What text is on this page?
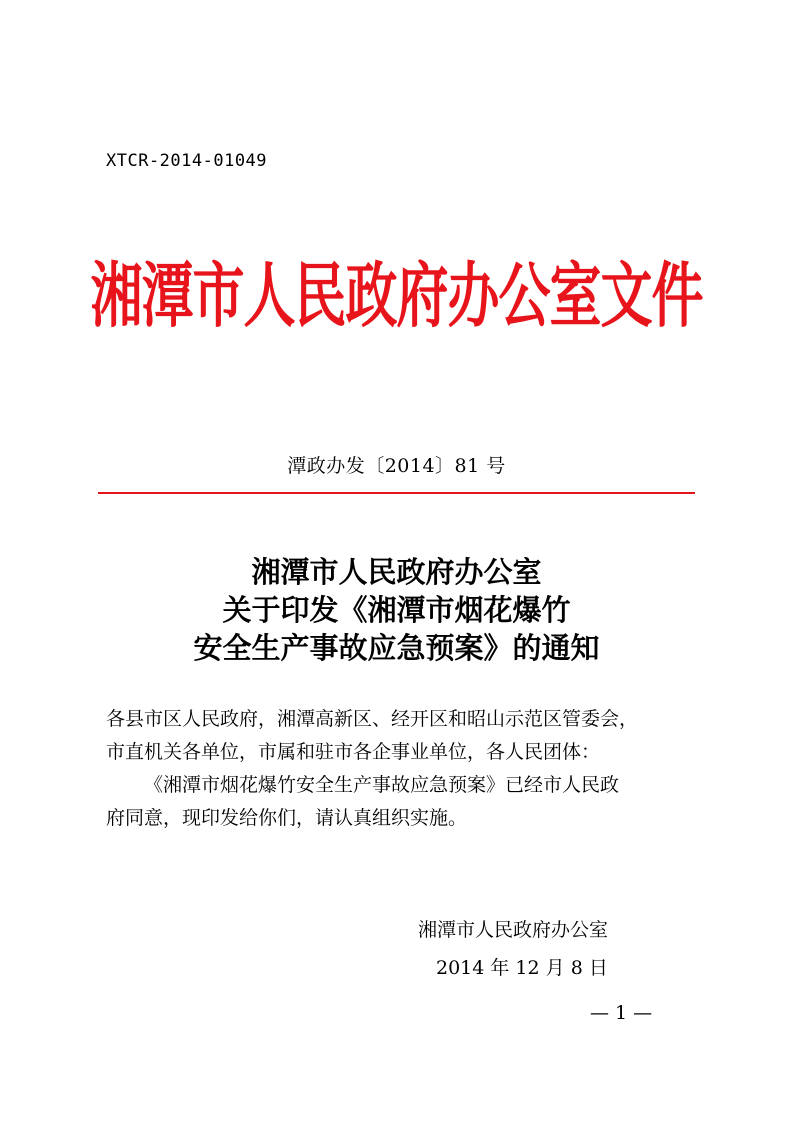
XTCR-2014-01049
湘潭市人民政府办公室文件
潭政办发〔2014〕81 号
湘潭市人民政府办公室
关于印发《湘潭市烟花爆竹
安全生产事故应急预案》的通知

各县市区人民政府，湘潭高新区、经开区和昭山示范区管委会，

市直机关各单位，市属和驻市各企事业单位，各人民团体：

《湘潭市烟花爆竹安全生产事故应急预案》已经市人民政

府同意，现印发给你们，请认真组织实施。

湘潭市人民政府办公室
2014 年 12 月 8 日
— 1 —
